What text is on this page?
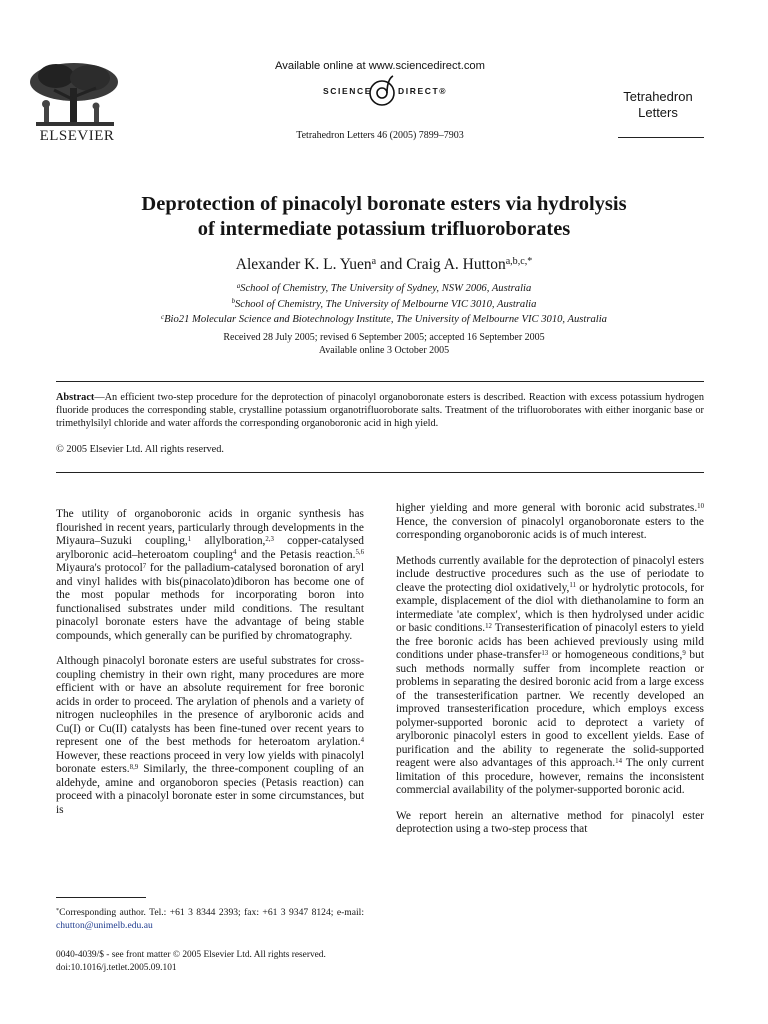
ELSEVIER
Available online at www.sciencedirect.com
SCIENCE	DIRECT®
Tetrahedron Letters 46 (2005) 7899–7903
Tetrahedron
Letters
Deprotection of pinacolyl boronate esters via hydrolysis
of intermediate potassium trifluoroborates
Alexander K. L. Yuen$^a$ and Craig A. Hutton$^{a,b,c,*}$
$^a$School of Chemistry, The University of Sydney, NSW 2006, Australia
$^b$School of Chemistry, The University of Melbourne VIC 3010, Australia
$^c$Bio21 Molecular Science and Biotechnology Institute, The University of Melbourne VIC 3010, Australia
Received 28 July 2005; revised 6 September 2005; accepted 16 September 2005
Available online 3 October 2005
Abstract—An efficient two-step procedure for the deprotection of pinacolyl organoboronate esters is described. Reaction with excess potassium hydrogen fluoride produces the corresponding stable, crystalline potassium organotrifluoroborate salts. Treatment of the trifluoroborates with either inorganic base or trimethylsilyl chloride and water affords the corresponding organoboronic acid in high yield.
© 2005 Elsevier Ltd. All rights reserved.

The utility of organoboronic acids in organic synthesis has flourished in recent years, particularly through developments in the Miyaura–Suzuki coupling,$^1$ allylboration,$^{2,3}$ copper-catalysed arylboronic acid–heteroatom coupling$^4$ and the Petasis reaction.$^{5,6}$ Miyaura's protocol$^7$ for the palladium-catalysed boronation of aryl and vinyl halides with bis(pinacolato)diboron has become one of the most popular methods for incorporating boron into functionalised substrates under mild conditions. The resultant pinacolyl boronate esters have the advantage of being stable compounds, which generally can be purified by chromatography.

Although pinacolyl boronate esters are useful substrates for cross-coupling chemistry in their own right, many procedures are more efficient with or have an absolute requirement for free boronic acids in order to proceed. The arylation of phenols and a variety of nitrogen nucleophiles in the presence of arylboronic acids and Cu(I) or Cu(II) catalysts has been fine-tuned over recent years to represent one of the best methods for heteroatom arylation.$^4$ However, these reactions proceed in very low yields with pinacolyl boronate esters.$^{8,9}$ Similarly, the three-component coupling of an aldehyde, amine and organoboron species (Petasis reaction) can proceed with a pinacolyl boronate ester in some circumstances, but is

higher yielding and more general with boronic acid substrates.$^{10}$ Hence, the conversion of pinacolyl organoboronate esters to the corresponding organoboronic acids is of much interest.

Methods currently available for the deprotection of pinacolyl esters include destructive procedures such as the use of periodate to cleave the protecting diol oxidatively,$^{11}$ or hydrolytic protocols, for example, displacement of the diol with diethanolamine to form an intermediate 'ate complex', which is then hydrolysed under acidic or basic conditions.$^{12}$ Transesterification of pinacolyl esters to yield the free boronic acids has been achieved previously using mild conditions under phase-transfer$^{13}$ or homogeneous conditions,$^9$ but such methods normally suffer from incomplete reaction or problems in separating the desired boronic acid from a large excess of the transesterification partner. We recently developed an improved transesterification procedure, which employs excess polymer-supported boronic acid to deprotect a variety of arylboronic pinacolyl esters in good to excellent yields. Ease of purification and the ability to regenerate the solid-supported reagent were also advantages of this approach.$^{14}$ The only current limitation of this procedure, however, remains the inconsistent commercial availability of the polymer-supported boronic acid.

We report herein an alternative method for pinacolyl ester deprotection using a two-step process that

*Corresponding author. Tel.: +61 3 8344 2393; fax: +61 3 9347 8124; e-mail: chutton@unimelb.edu.au
0040-4039/$ - see front matter © 2005 Elsevier Ltd. All rights reserved.
doi:10.1016/j.tetlet.2005.09.101
